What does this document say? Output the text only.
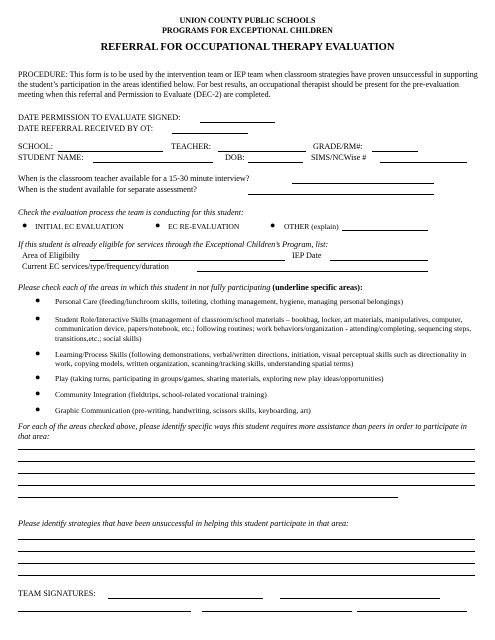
UNION COUNTY PUBLIC SCHOOLS
PROGRAMS FOR EXCEPTIONAL CHILDREN
REFERRAL FOR OCCUPATIONAL THERAPY EVALUATION
PROCEDURE: This form is to be used by the intervention team or IEP team when classroom strategies have proven unsuccessful in supporting the student’s participation in the areas identified below. For best results, an occupational therapist should be present for the pre-evaluation meeting when this referral and Permission to Evaluate (DEC-2) are completed.
DATE PERMISSION TO EVALUATE SIGNED:
DATE REFERRAL RECEIVED BY OT:
SCHOOL:	TEACHER:	GRADE/RM#:
STUDENT NAME:	DOB:	SIMS/NCWise #
When is the classroom teacher available for a 15-30 minute interview?
When is the student available for separate assessment?
Check the evaluation process the team is conducting for this student:
● INITIAL EC EVALUATION	● EC RE-EVALUATION	● OTHER (explain)
If this student is already eligible for services through the Exceptional Children’s Program, list:
Area of Eligibilty	IEP Date
Current EC services/type/frequency/duration
Please check each of the areas in which this student in not fully participating (underline specific areas):
● Personal Care (feeding/lunchroom skills, toileting, clothing management, hygiene, managing personal belongings)
● Student Role/Interactive Skills (management of classroom/school materials – bookbag, locker, art materials, manipulatives, computer, communication device, papers/notebook, etc.; following routines; work behaviors/organization - attending/completing, sequencing steps, transitions,etc.; social skills)
● Learning/Process Skills (following demonstrations, verbal/written directions, initiation, visual perceptual skills such as directionality in work, copying models, written organization, scanning/tracking skills, understanding spatial terms)
● Play (taking turns, participating in groups/games, sharing materials, exploring new play ideas/opportunities)
● Community Integration (fieldtrips, school-related vocational training)
● Graphic Communication (pre-writing, handwriting, scissors skills, keyboarding, art)
For each of the areas checked above, please identify specific ways this student requires more assistance than peers in order to participate in that area:
Please identify strategies that have been unsuccessful in helping this student participate in that area:
TEAM SIGNATURES:
